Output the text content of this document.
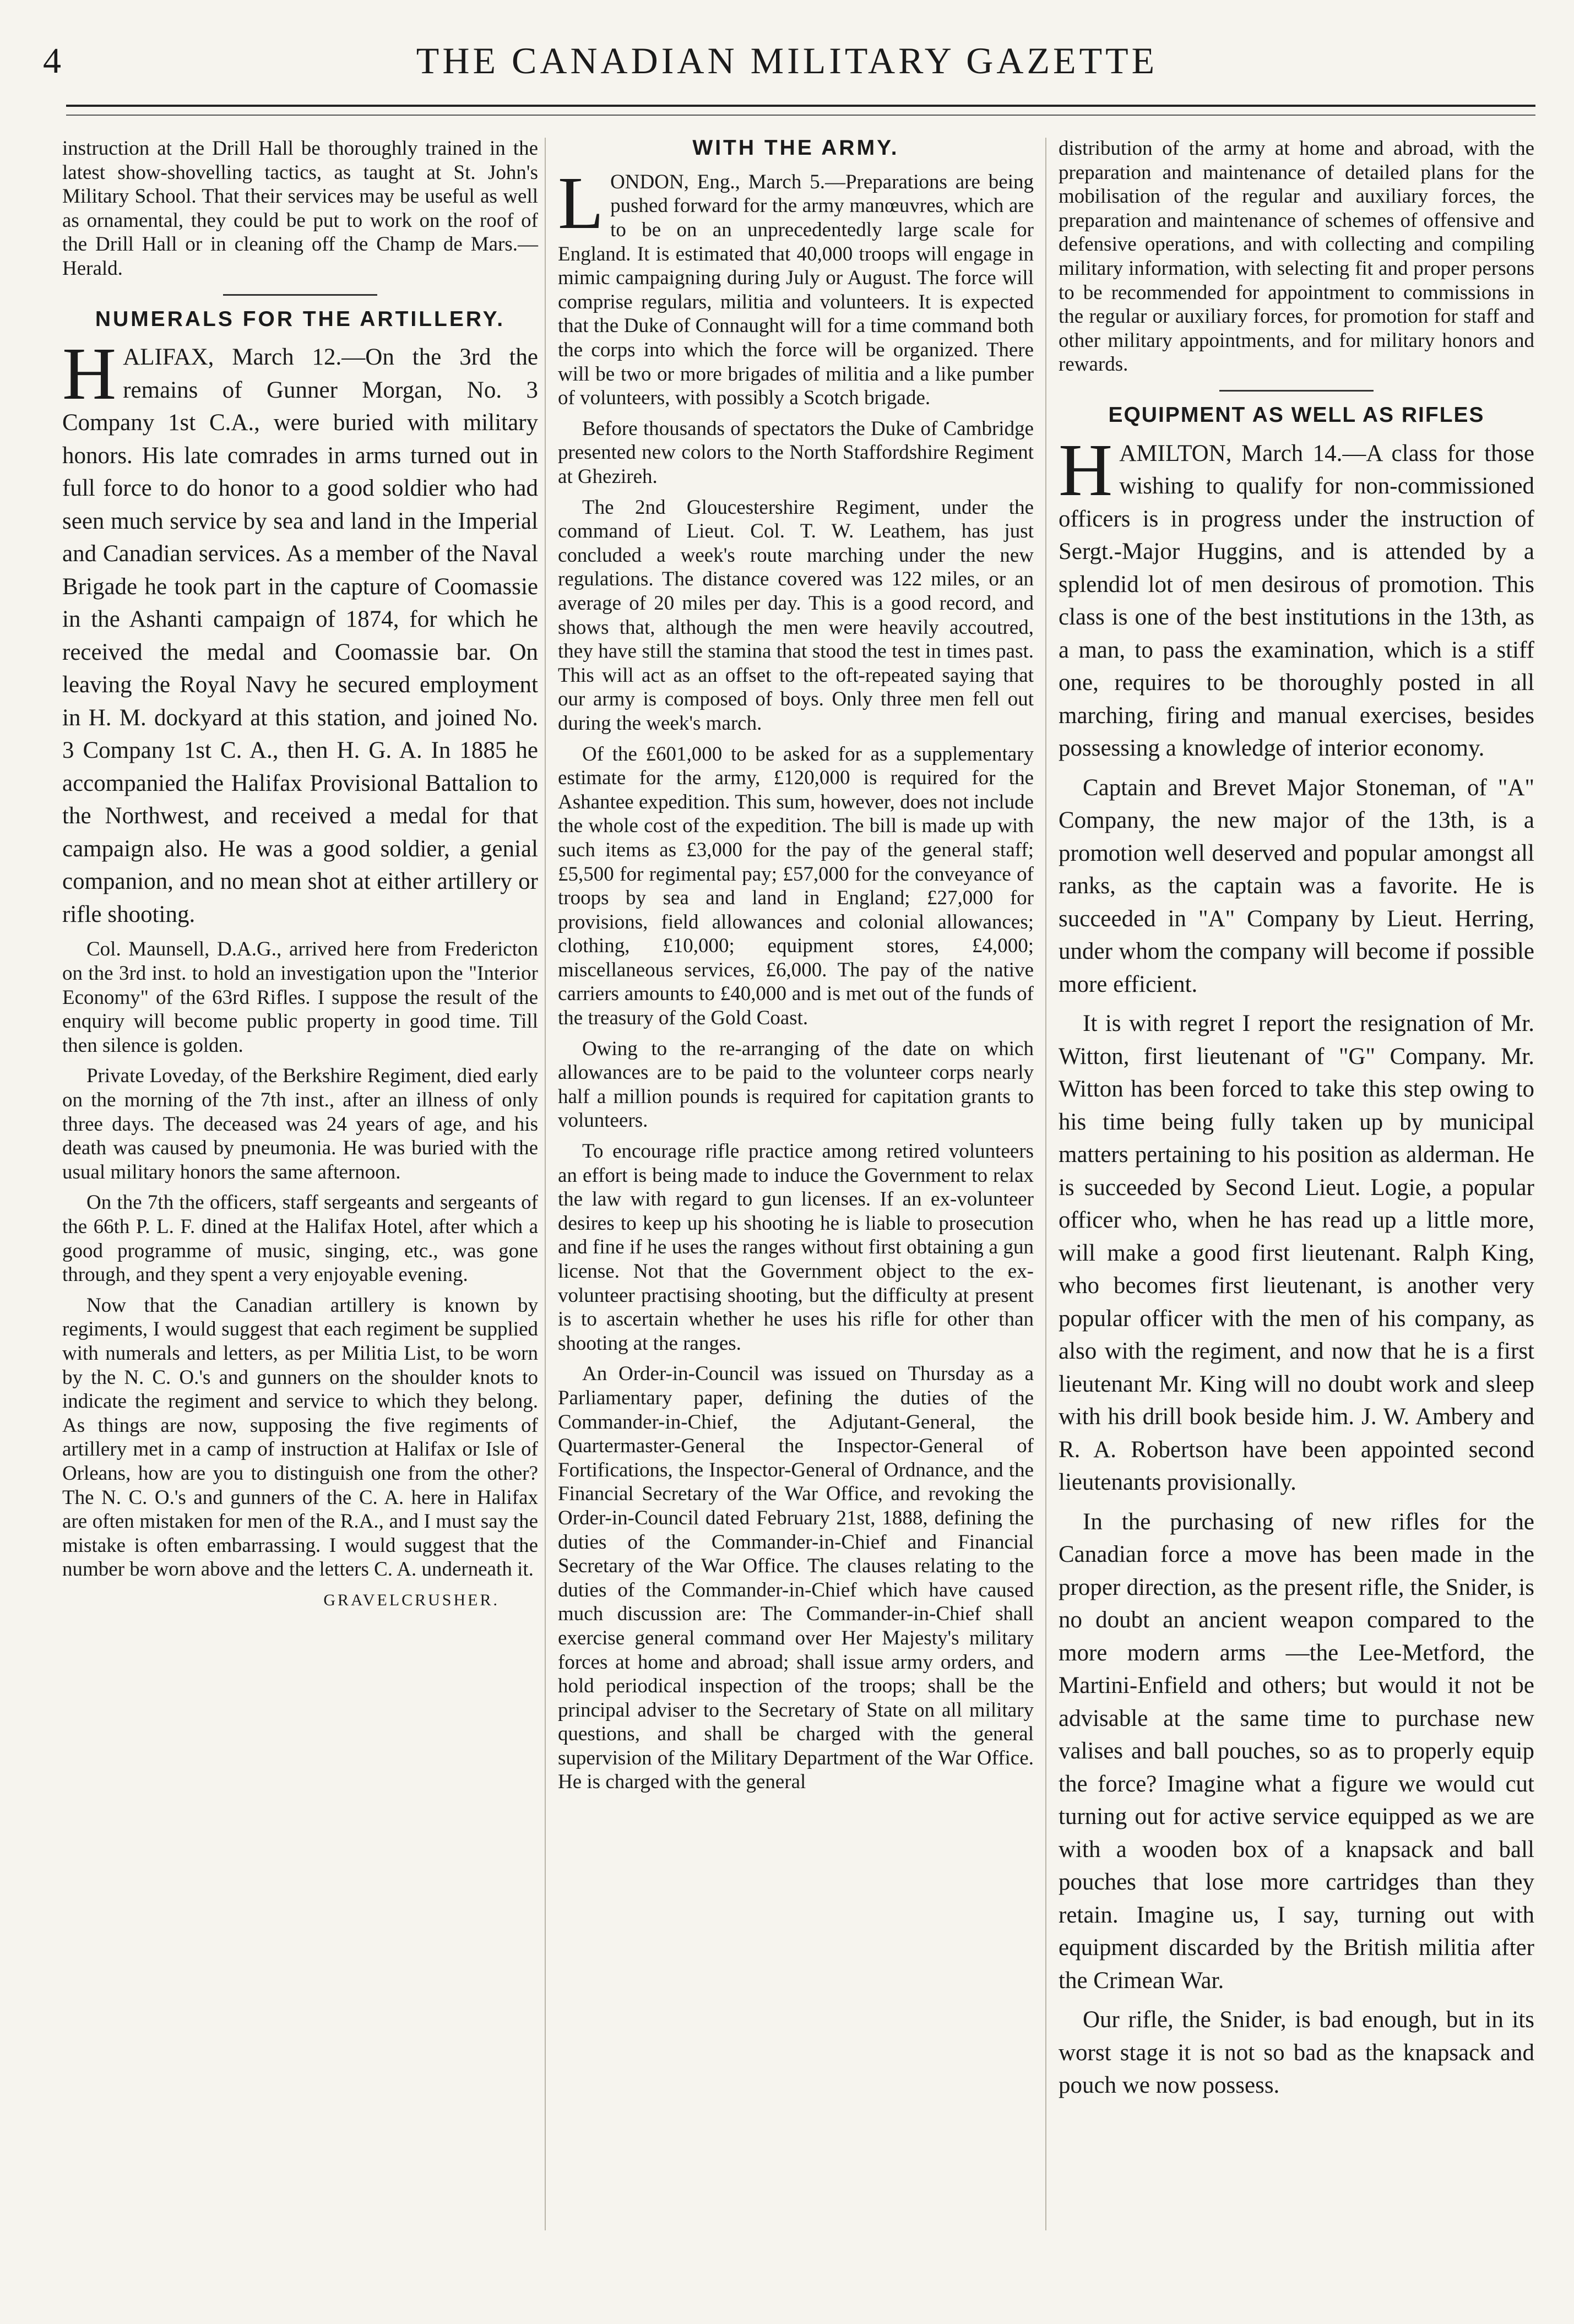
4	THE CANADIAN MILITARY GAZETTE

instruction at the Drill Hall be thoroughly trained in the latest show-shovelling tactics, as taught at St. John's Military School. That their services may be useful as well as ornamental, they could be put to work on the roof of the Drill Hall or in cleaning off the Champ de Mars.—Herald.

NUMERALS FOR THE ARTILLERY.

HALIFAX, March 12.—On the 3rd the remains of Gunner Morgan, No. 3 Company 1st C.A., were buried with military honors. His late comrades in arms turned out in full force to do honor to a good soldier who had seen much service by sea and land in the Imperial and Canadian services. As a member of the Naval Brigade he took part in the capture of Coomassie in the Ashanti campaign of 1874, for which he received the medal and Coomassie bar. On leaving the Royal Navy he secured employment in H. M. dockyard at this station, and joined No. 3 Company 1st C. A., then H. G. A. In 1885 he accompanied the Halifax Provisional Battalion to the Northwest, and received a medal for that campaign also. He was a good soldier, a genial companion, and no mean shot at either artillery or rifle shooting.

Col. Maunsell, D.A.G., arrived here from Fredericton on the 3rd inst. to hold an investigation upon the "Interior Economy" of the 63rd Rifles. I suppose the result of the enquiry will become public property in good time. Till then silence is golden.

Private Loveday, of the Berkshire Regiment, died early on the morning of the 7th inst., after an illness of only three days. The deceased was 24 years of age, and his death was caused by pneumonia. He was buried with the usual military honors the same afternoon.

On the 7th the officers, staff sergeants and sergeants of the 66th P. L. F. dined at the Halifax Hotel, after which a good programme of music, singing, etc., was gone through, and they spent a very enjoyable evening.

Now that the Canadian artillery is known by regiments, I would suggest that each regiment be supplied with numerals and letters, as per Militia List, to be worn by the N. C. O.'s and gunners on the shoulder knots to indicate the regiment and service to which they belong. As things are now, supposing the five regiments of artillery met in a camp of instruction at Halifax or Isle of Orleans, how are you to distinguish one from the other? The N. C. O.'s and gunners of the C. A. here in Halifax are often mistaken for men of the R.A., and I must say the mistake is often embarrassing. I would suggest that the number be worn above and the letters C. A. underneath it.

GRAVELCRUSHER.
WITH THE ARMY.

LONDON, Eng., March 5.—Preparations are being pushed forward for the army manœuvres, which are to be on an unprecedentedly large scale for England. It is estimated that 40,000 troops will engage in mimic campaigning during July or August. The force will comprise regulars, militia and volunteers. It is expected that the Duke of Connaught will for a time command both the corps into which the force will be organized. There will be two or more brigades of militia and a like pumber of volunteers, with possibly a Scotch brigade.

Before thousands of spectators the Duke of Cambridge presented new colors to the North Staffordshire Regiment at Ghezireh.

The 2nd Gloucestershire Regiment, under the command of Lieut. Col. T. W. Leathem, has just concluded a week's route marching under the new regulations. The distance covered was 122 miles, or an average of 20 miles per day. This is a good record, and shows that, although the men were heavily accoutred, they have still the stamina that stood the test in times past. This will act as an offset to the oft-repeated saying that our army is composed of boys. Only three men fell out during the week's march.

Of the £601,000 to be asked for as a supplementary estimate for the army, £120,000 is required for the Ashantee expedition. This sum, however, does not include the whole cost of the expedition. The bill is made up with such items as £3,000 for the pay of the general staff; £5,500 for regimental pay; £57,000 for the conveyance of troops by sea and land in England; £27,000 for provisions, field allowances and colonial allowances; clothing, £10,000; equipment stores, £4,000; miscellaneous services, £6,000. The pay of the native carriers amounts to £40,000 and is met out of the funds of the treasury of the Gold Coast.

Owing to the re-arranging of the date on which allowances are to be paid to the volunteer corps nearly half a million pounds is required for capitation grants to volunteers.

To encourage rifle practice among retired volunteers an effort is being made to induce the Government to relax the law with regard to gun licenses. If an ex-volunteer desires to keep up his shooting he is liable to prosecution and fine if he uses the ranges without first obtaining a gun license. Not that the Government object to the ex-volunteer practising shooting, but the difficulty at present is to ascertain whether he uses his rifle for other than shooting at the ranges.

An Order-in-Council was issued on Thursday as a Parliamentary paper, defining the duties of the Commander-in-Chief, the Adjutant-General, the Quartermaster-General the Inspector-General of Fortifications, the Inspector-General of Ordnance, and the Financial Secretary of the War Office, and revoking the Order-in-Council dated February 21st, 1888, defining the duties of the Commander-in-Chief and Financial Secretary of the War Office. The clauses relating to the duties of the Commander-in-Chief which have caused much discussion are: The Commander-in-Chief shall exercise general command over Her Majesty's military forces at home and abroad; shall issue army orders, and hold periodical inspection of the troops; shall be the principal adviser to the Secretary of State on all military questions, and shall be charged with the general supervision of the Military Department of the War Office. He is charged with the general

distribution of the army at home and abroad, with the preparation and maintenance of detailed plans for the mobilisation of the regular and auxiliary forces, the preparation and maintenance of schemes of offensive and defensive operations, and with collecting and compiling military information, with selecting fit and proper persons to be recommended for appointment to commissions in the regular or auxiliary forces, for promotion for staff and other military appointments, and for military honors and rewards.

EQUIPMENT AS WELL AS RIFLES

HAMILTON, March 14.—A class for those wishing to qualify for non-commissioned officers is in progress under the instruction of Sergt.-Major Huggins, and is attended by a splendid lot of men desirous of promotion. This class is one of the best institutions in the 13th, as a man, to pass the examination, which is a stiff one, requires to be thoroughly posted in all marching, firing and manual exercises, besides possessing a knowledge of interior economy.

Captain and Brevet Major Stoneman, of "A" Company, the new major of the 13th, is a promotion well deserved and popular amongst all ranks, as the captain was a favorite. He is succeeded in "A" Company by Lieut. Herring, under whom the company will become if possible more efficient.

It is with regret I report the resignation of Mr. Witton, first lieutenant of "G" Company. Mr. Witton has been forced to take this step owing to his time being fully taken up by municipal matters pertaining to his position as alderman. He is succeeded by Second Lieut. Logie, a popular officer who, when he has read up a little more, will make a good first lieutenant. Ralph King, who becomes first lieutenant, is another very popular officer with the men of his company, as also with the regiment, and now that he is a first lieutenant Mr. King will no doubt work and sleep with his drill book beside him. J. W. Ambery and R. A. Robertson have been appointed second lieutenants provisionally.

In the purchasing of new rifles for the Canadian force a move has been made in the proper direction, as the present rifle, the Snider, is no doubt an ancient weapon compared to the more modern arms —the Lee-Metford, the Martini-Enfield and others; but would it not be advisable at the same time to purchase new valises and ball pouches, so as to properly equip the force? Imagine what a figure we would cut turning out for active service equipped as we are with a wooden box of a knapsack and ball pouches that lose more cartridges than they retain. Imagine us, I say, turning out with equipment discarded by the British militia after the Crimean War.

Our rifle, the Snider, is bad enough, but in its worst stage it is not so bad as the knapsack and pouch we now possess.
